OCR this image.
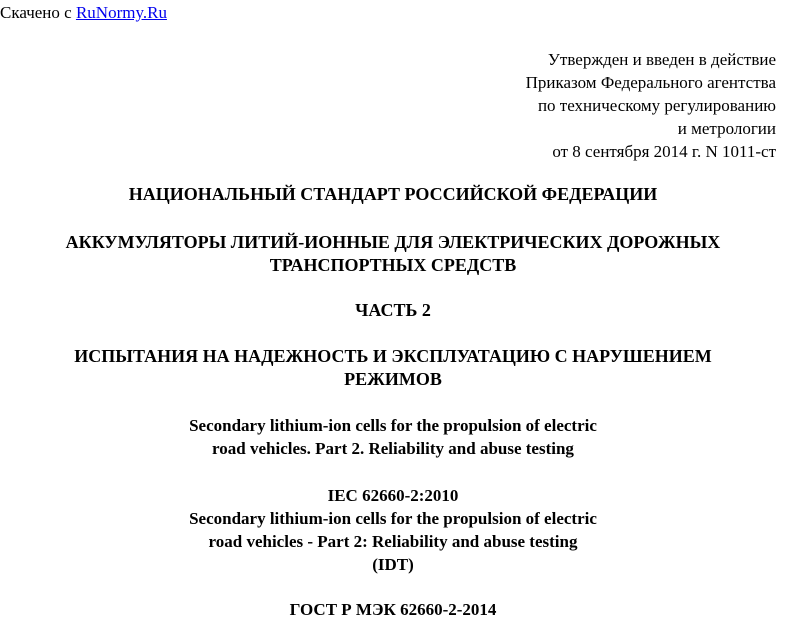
Скачено с RuNormy.Ru
Утвержден и введен в действие
Приказом Федерального агентства
по техническому регулированию
и метрологии
от 8 сентября 2014 г. N 1011-ст
НАЦИОНАЛЬНЫЙ СТАНДАРТ РОССИЙСКОЙ ФЕДЕРАЦИИ
АККУМУЛЯТОРЫ ЛИТИЙ-ИОННЫЕ ДЛЯ ЭЛЕКТРИЧЕСКИХ ДОРОЖНЫХ
ТРАНСПОРТНЫХ СРЕДСТВ
ЧАСТЬ 2
ИСПЫТАНИЯ НА НАДЕЖНОСТЬ И ЭКСПЛУАТАЦИЮ С НАРУШЕНИЕМ
РЕЖИМОВ
Secondary lithium-ion cells for the propulsion of electric
road vehicles. Part 2. Reliability and abuse testing
IEC 62660-2:2010
Secondary lithium-ion cells for the propulsion of electric
road vehicles - Part 2: Reliability and abuse testing
(IDT)
ГОСТ Р МЭК 62660-2-2014
